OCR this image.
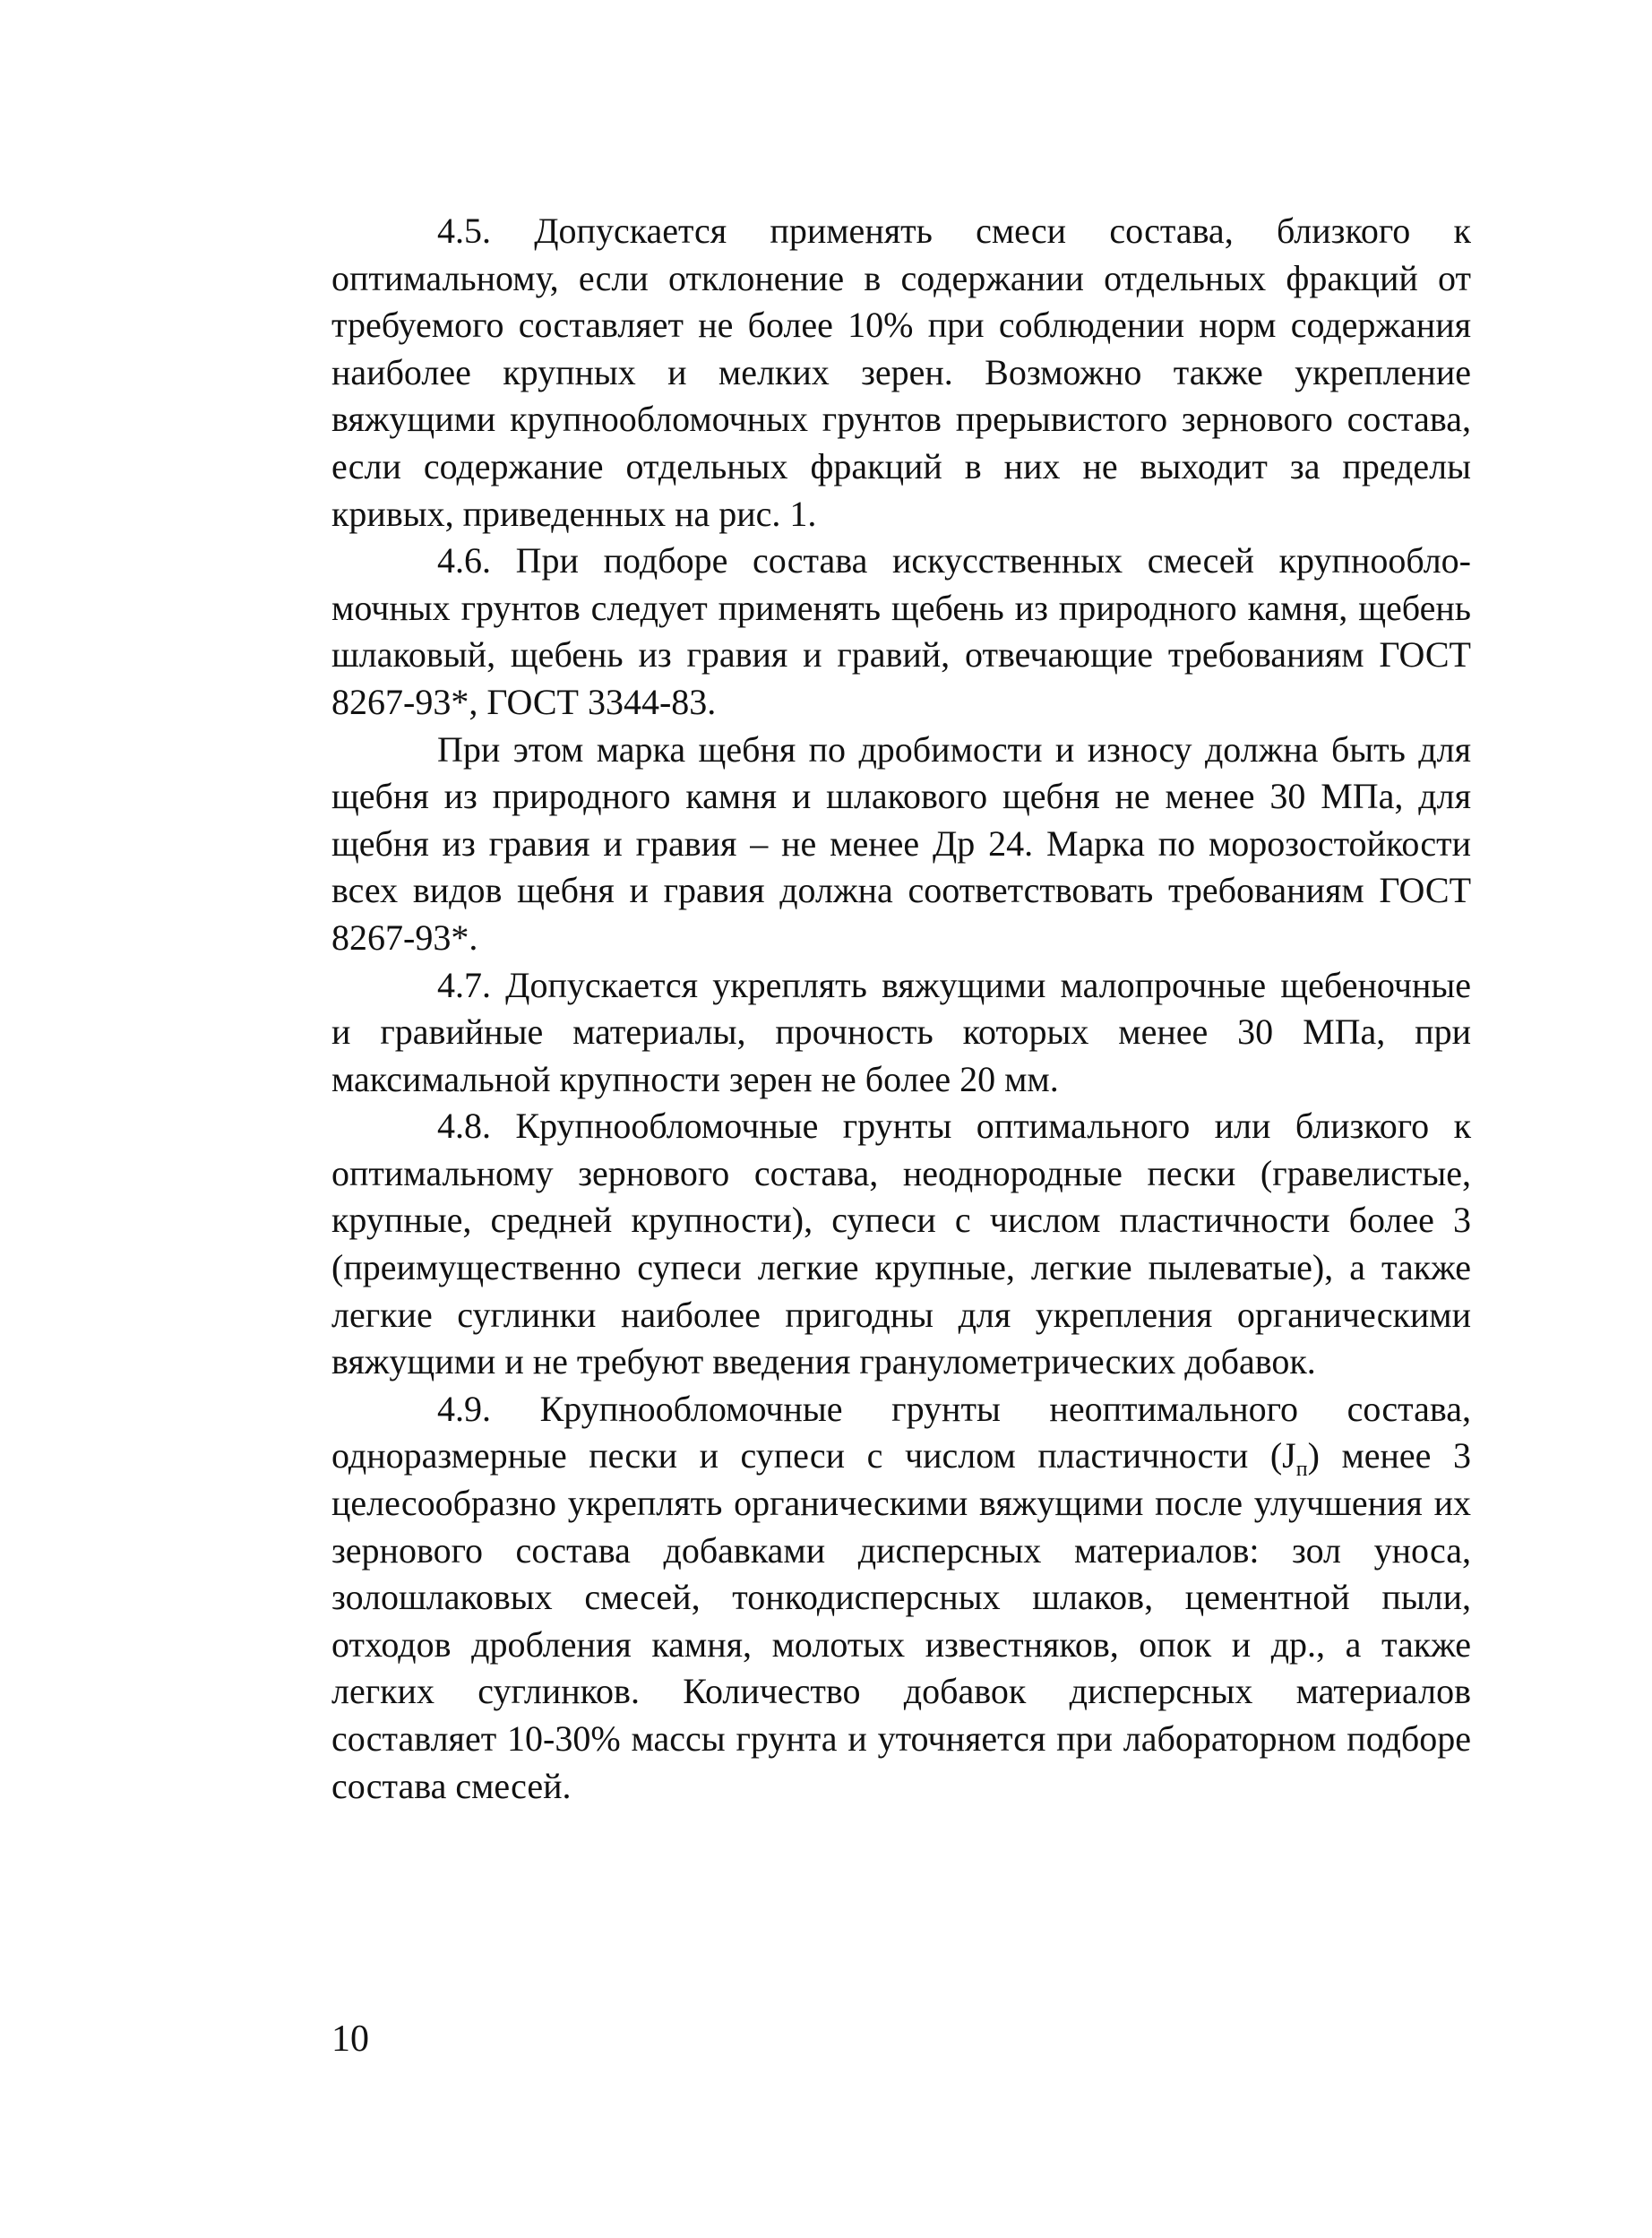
4.5. Допускается применять смеси состава, близкого к оптимальному, если отклонение в содержании отдельных фракций от требуемого составляет не более 10% при соблюдении норм содержания наиболее крупных и мелких зерен. Возможно также укрепление вяжущими крупнообломочных грунтов прерывистого зернового состава, если содержание отдельных фракций в них не выходит за пределы кривых, приведенных на рис. 1.

4.6. При подборе состава искусственных смесей крупнообломочных грунтов следует применять щебень из природного камня, щебень шлаковый, щебень из гравия и гравий, отвечающие требованиям ГОСТ 8267-93*, ГОСТ 3344-83.

При этом марка щебня по дробимости и износу должна быть для щебня из природного камня и шлакового щебня не менее 30 МПа, для щебня из гравия и гравия – не менее Др 24. Марка по морозостойкости всех видов щебня и гравия должна соответствовать требованиям ГОСТ 8267-93*.

4.7. Допускается укреплять вяжущими малопрочные щебеночные и гравийные материалы, прочность которых менее 30 МПа, при максимальной крупности зерен не более 20 мм.

4.8. Крупнообломочные грунты оптимального или близкого к оптимальному зернового состава, неоднородные пески (гравелистые, крупные, средней крупности), супеси с числом пластичности более 3 (преимущественно супеси легкие крупные, легкие пылеватые), а также легкие суглинки наиболее пригодны для укрепления органическими вяжущими и не требуют введения гранулометрических добавок.

4.9. Крупнообломочные грунты неоптимального состава, одноразмерные пески и супеси с числом пластичности $(J_п)$ менее 3 целесообразно укреплять органическими вяжущими после улучшения их зернового состава добавками дисперсных материалов: зол уноса, золошлаковых смесей, тонкодисперсных шлаков, цементной пыли, отходов дробления камня, молотых известняков, опок и др., а также легких суглинков. Количество добавок дисперсных материалов составляет 10-30% массы грунта и уточняется при лабораторном подборе состава смесей.

10
